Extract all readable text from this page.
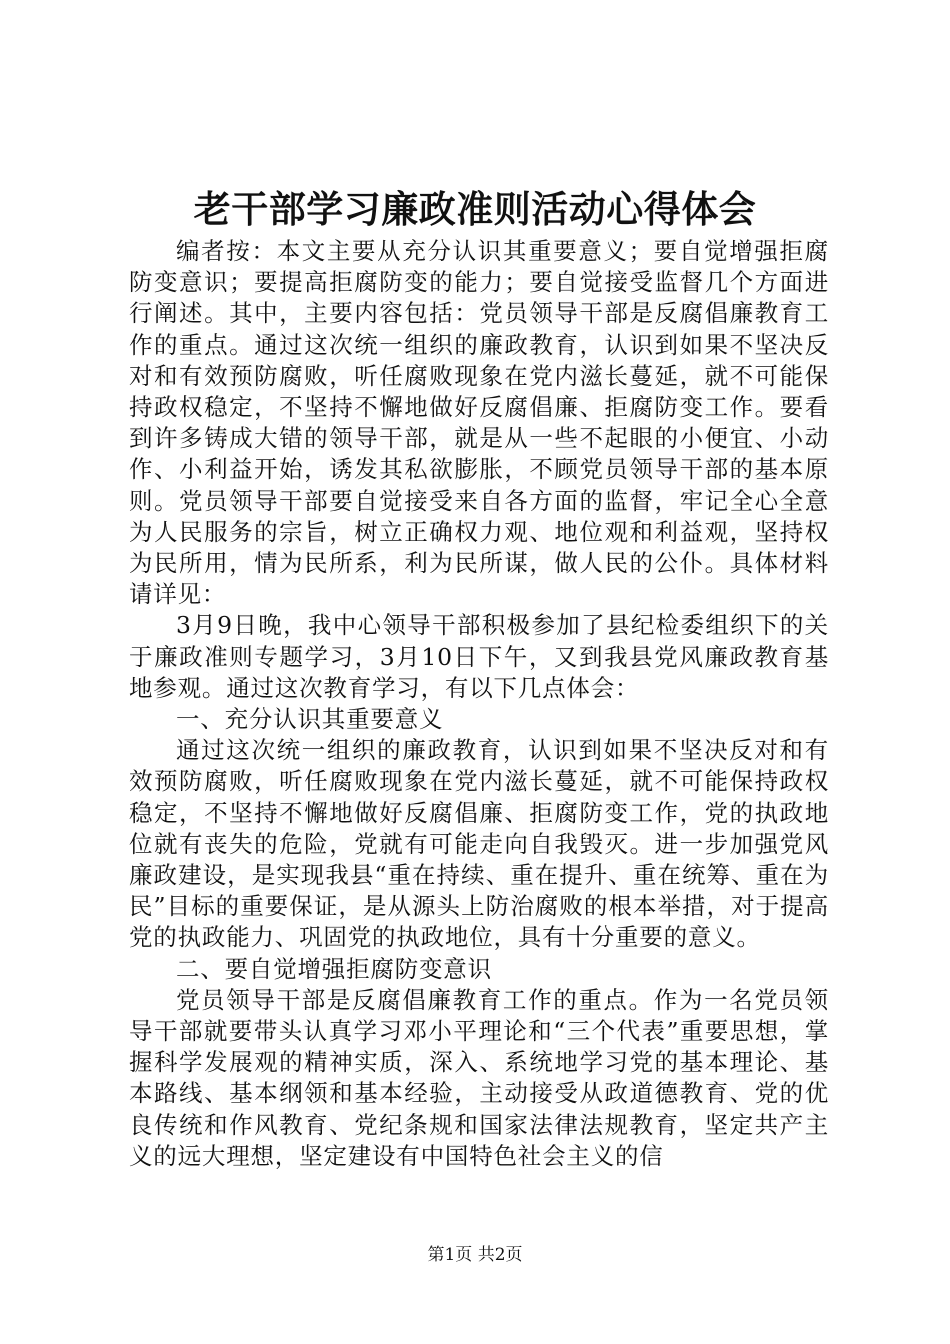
老干部学习廉政准则活动心得体会

编者按：本文主要从充分认识其重要意义；要自觉增强拒腐防变意识；要提高拒腐防变的能力；要自觉接受监督几个方面进行阐述。其中，主要内容包括：党员领导干部是反腐倡廉教育工作的重点。通过这次统一组织的廉政教育，认识到如果不坚决反对和有效预防腐败，听任腐败现象在党内滋长蔓延，就不可能保持政权稳定，不坚持不懈地做好反腐倡廉、拒腐防变工作。要看到许多铸成大错的领导干部，就是从一些不起眼的小便宜、小动作、小利益开始，诱发其私欲膨胀，不顾党员领导干部的基本原则。党员领导干部要自觉接受来自各方面的监督，牢记全心全意为人民服务的宗旨，树立正确权力观、地位观和利益观，坚持权为民所用，情为民所系，利为民所谋，做人民的公仆。具体材料请详见：

3月9日晚，我中心领导干部积极参加了县纪检委组织下的关于廉政准则专题学习，3月10日下午，又到我县党风廉政教育基地参观。通过这次教育学习，有以下几点体会：

一、充分认识其重要意义

通过这次统一组织的廉政教育，认识到如果不坚决反对和有效预防腐败，听任腐败现象在党内滋长蔓延，就不可能保持政权稳定，不坚持不懈地做好反腐倡廉、拒腐防变工作，党的执政地位就有丧失的危险，党就有可能走向自我毁灭。进一步加强党风廉政建设，是实现我县“重在持续、重在提升、重在统筹、重在为民”目标的重要保证，是从源头上防治腐败的根本举措，对于提高党的执政能力、巩固党的执政地位，具有十分重要的意义。

二、要自觉增强拒腐防变意识

党员领导干部是反腐倡廉教育工作的重点。作为一名党员领导干部就要带头认真学习邓小平理论和“三个代表”重要思想，掌握科学发展观的精神实质，深入、系统地学习党的基本理论、基本路线、基本纲领和基本经验，主动接受从政道德教育、党的优良传统和作风教育、党纪条规和国家法律法规教育，坚定共产主义的远大理想，坚定建设有中国特色社会主义的信

第1页 共2页
